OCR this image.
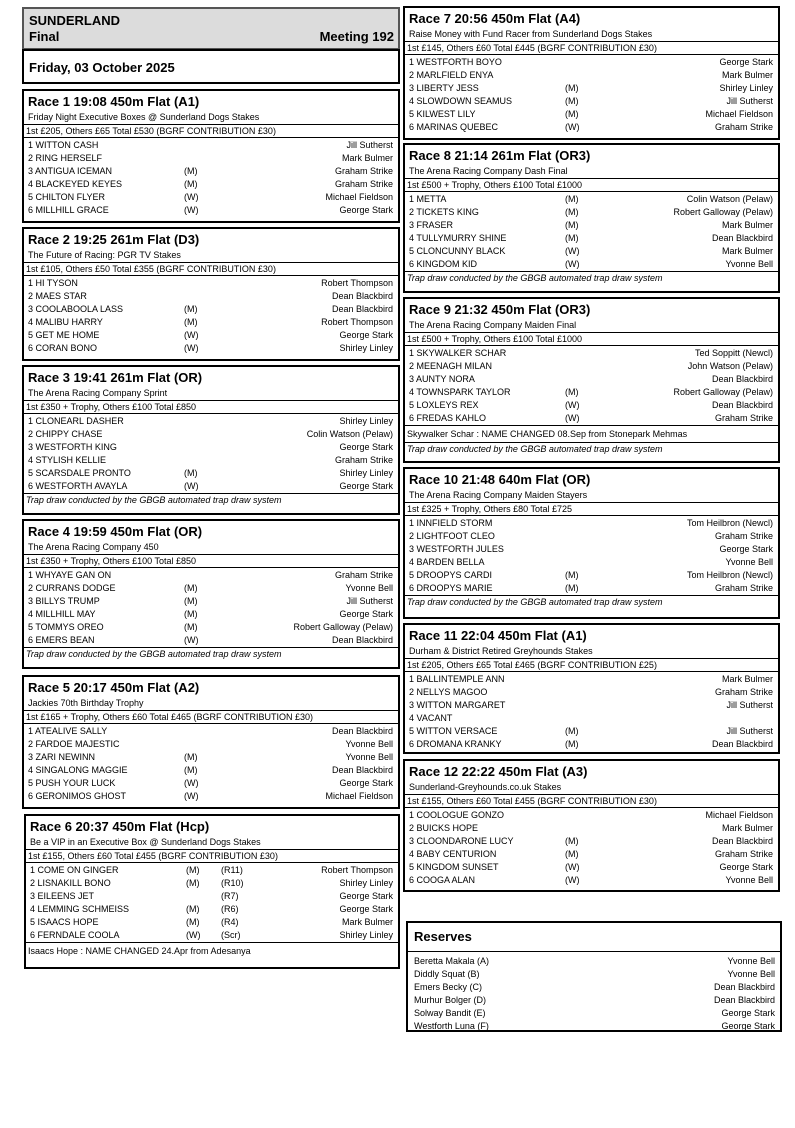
SUNDERLAND
Final	Meeting 192
Friday, 03 October 2025
Race 1 19:08 450m Flat (A1)
Friday Night Executive Boxes @ Sunderland Dogs Stakes
1st £205, Others £65 Total £530 (BGRF CONTRIBUTION £30)
1 WITTON CASH	Jill Sutherst
2 RING HERSELF	Mark Bulmer
3 ANTIGUA ICEMAN	(M)	Graham Strike
4 BLACKEYED KEYES	(M)	Graham Strike
5 CHILTON FLYER	(W)	Michael Fieldson
6 MILLHILL GRACE	(W)	George Stark
Race 2 19:25 261m Flat (D3)
The Future of Racing: PGR TV Stakes
1st £105, Others £50 Total £355 (BGRF CONTRIBUTION £30)
1 HI TYSON	Robert Thompson
2 MAES STAR	Dean Blackbird
3 COOLABOOLA LASS	(M)	Dean Blackbird
4 MALIBU HARRY	(M)	Robert Thompson
5 GET ME HOME	(W)	George Stark
6 CORAN BONO	(W)	Shirley Linley
Race 3 19:41 261m Flat (OR)
The Arena Racing Company Sprint
1st £350 + Trophy, Others £100 Total £850
1 CLONEARL DASHER	Shirley Linley
2 CHIPPY CHASE	Colin Watson (Pelaw)
3 WESTFORTH KING	George Stark
4 STYLISH KELLIE	Graham Strike
5 SCARSDALE PRONTO	(M)	Shirley Linley
6 WESTFORTH AVAYLA	(W)	George Stark
Trap draw conducted by the GBGB automated trap draw system
Race 4 19:59 450m Flat (OR)
The Arena Racing Company 450
1st £350 + Trophy, Others £100 Total £850
1 WHYAYE GAN ON	Graham Strike
2 CURRANS DODGE	(M)	Yvonne Bell
3 BILLYS TRUMP	(M)	Jill Sutherst
4 MILLHILL MAY	(M)	George Stark
5 TOMMYS OREO	(M)	Robert Galloway (Pelaw)
6 EMERS BEAN	(W)	Dean Blackbird
Trap draw conducted by the GBGB automated trap draw system
Race 5 20:17 450m Flat (A2)
Jackies 70th Birthday Trophy
1st £165 + Trophy, Others £60 Total £465 (BGRF CONTRIBUTION £30)
1 ATEALIVE SALLY	Dean Blackbird
2 FARDOE MAJESTIC	Yvonne Bell
3 ZARI NEWINN	(M)	Yvonne Bell
4 SINGALONG MAGGIE	(M)	Dean Blackbird
5 PUSH YOUR LUCK	(W)	George Stark
6 GERONIMOS GHOST	(W)	Michael Fieldson
Race 6 20:37 450m Flat (Hcp)
Be a VIP in an Executive Box @ Sunderland Dogs Stakes
1st £155, Others £60 Total £455 (BGRF CONTRIBUTION £30)
1 COME ON GINGER	(M) (R11)	Robert Thompson
2 LISNAKILL BONO	(M) (R10)	Shirley Linley
3 EILEENS JET	(R7)	George Stark
4 LEMMING SCHMEISS	(M) (R6)	George Stark
5 ISAACS HOPE	(M) (R4)	Mark Bulmer
6 FERNDALE COOLA	(W) (Scr)	Shirley Linley
Isaacs Hope : NAME CHANGED 24.Apr from Adesanya
Race 7 20:56 450m Flat (A4)
Raise Money with Fund Racer from Sunderland Dogs Stakes
1st £145, Others £60 Total £445 (BGRF CONTRIBUTION £30)
1 WESTFORTH BOYO	George Stark
2 MARLFIELD ENYA	Mark Bulmer
3 LIBERTY JESS	(M)	Shirley Linley
4 SLOWDOWN SEAMUS	(M)	Jill Sutherst
5 KILWEST LILY	(M)	Michael Fieldson
6 MARINAS QUEBEC	(W)	Graham Strike
Race 8 21:14 261m Flat (OR3)
The Arena Racing Company Dash Final
1st £500 + Trophy, Others £100 Total £1000
1 METTA	(M)	Colin Watson (Pelaw)
2 TICKETS KING	(M)	Robert Galloway (Pelaw)
3 FRASER	(M)	Mark Bulmer
4 TULLYMURRY SHINE	(M)	Dean Blackbird
5 CLONCUNNY BLACK	(W)	Mark Bulmer
6 KINGDOM KID	(W)	Yvonne Bell
Trap draw conducted by the GBGB automated trap draw system
Race 9 21:32 450m Flat (OR3)
The Arena Racing Company Maiden Final
1st £500 + Trophy, Others £100 Total £1000
1 SKYWALKER SCHAR	Ted Soppitt (Newcl)
2 MEENAGH MILAN	John Watson (Pelaw)
3 AUNTY NORA	Dean Blackbird
4 TOWNSPARK TAYLOR	(M)	Robert Galloway (Pelaw)
5 LOXLEYS REX	(W)	Dean Blackbird
6 FREDAS KAHLO	(W)	Graham Strike
Skywalker Schar : NAME CHANGED 08.Sep from Stonepark Mehmas
Trap draw conducted by the GBGB automated trap draw system
Race 10 21:48 640m Flat (OR)
The Arena Racing Company Maiden Stayers
1st £325 + Trophy, Others £80 Total £725
1 INNFIELD STORM	Tom Heilbron (Newcl)
2 LIGHTFOOT CLEO	Graham Strike
3 WESTFORTH JULES	George Stark
4 BARDEN BELLA	Yvonne Bell
5 DROOPYS CARDI	(M)	Tom Heilbron (Newcl)
6 DROOPYS MARIE	(M)	Graham Strike
Trap draw conducted by the GBGB automated trap draw system
Race 11 22:04 450m Flat (A1)
Durham & District Retired Greyhounds Stakes
1st £205, Others £65 Total £465 (BGRF CONTRIBUTION £25)
1 BALLINTEMPLE ANN	Mark Bulmer
2 NELLYS MAGOO	Graham Strike
3 WITTON MARGARET	Jill Sutherst
4 VACANT
5 WITTON VERSACE	(M)	Jill Sutherst
6 DROMANA KRANKY	(M)	Dean Blackbird
Race 12 22:22 450m Flat (A3)
Sunderland-Greyhounds.co.uk Stakes
1st £155, Others £60 Total £455 (BGRF CONTRIBUTION £30)
1 COOLOGUE GONZO	Michael Fieldson
2 BUICKS HOPE	Mark Bulmer
3 CLOONDARONE LUCY	(M)	Dean Blackbird
4 BABY CENTURION	(M)	Graham Strike
5 KINGDOM SUNSET	(W)	George Stark
6 COOGA ALAN	(W)	Yvonne Bell
Reserves
Beretta Makala (A)	Yvonne Bell
Diddly Squat (B)	Yvonne Bell
Emers Becky (C)	Dean Blackbird
Murhur Bolger (D)	Dean Blackbird
Solway Bandit (E)	George Stark
Westforth Luna (F)	George Stark
